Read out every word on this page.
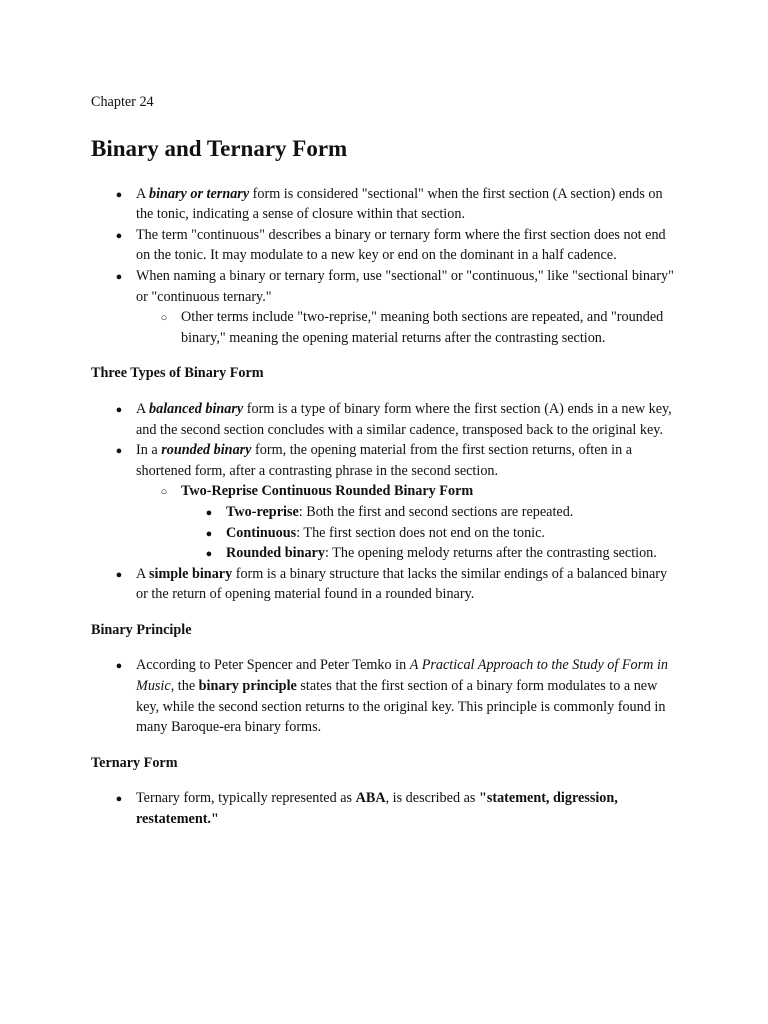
Chapter 24
Binary and Ternary Form
●
A binary or ternary form is considered "sectional" when the first section (A section) ends on the tonic, indicating a sense of closure within that section.
●
The term "continuous" describes a binary or ternary form where the first section does not end on the tonic. It may modulate to a new key or end on the dominant in a half cadence.
●
When naming a binary or ternary form, use "sectional" or "continuous," like "sectional binary" or "continuous ternary."
○
Other terms include "two-reprise," meaning both sections are repeated, and "rounded binary," meaning the opening material returns after the contrasting section.
Three Types of Binary Form
●
A balanced binary form is a type of binary form where the first section (A) ends in a new key, and the second section concludes with a similar cadence, transposed back to the original key.
●
In a rounded binary form, the opening material from the first section returns, often in a shortened form, after a contrasting phrase in the second section.
○
Two-Reprise Continuous Rounded Binary Form
●
Two-reprise: Both the first and second sections are repeated.
●
Continuous: The first section does not end on the tonic.
●
Rounded binary: The opening melody returns after the contrasting section.
●
A simple binary form is a binary structure that lacks the similar endings of a balanced binary or the return of opening material found in a rounded binary.
Binary Principle
●
According to Peter Spencer and Peter Temko in A Practical Approach to the Study of Form in Music, the binary principle states that the first section of a binary form modulates to a new key, while the second section returns to the original key. This principle is commonly found in many Baroque-era binary forms.
Ternary Form
●
Ternary form, typically represented as ABA, is described as "statement, digression, restatement."
